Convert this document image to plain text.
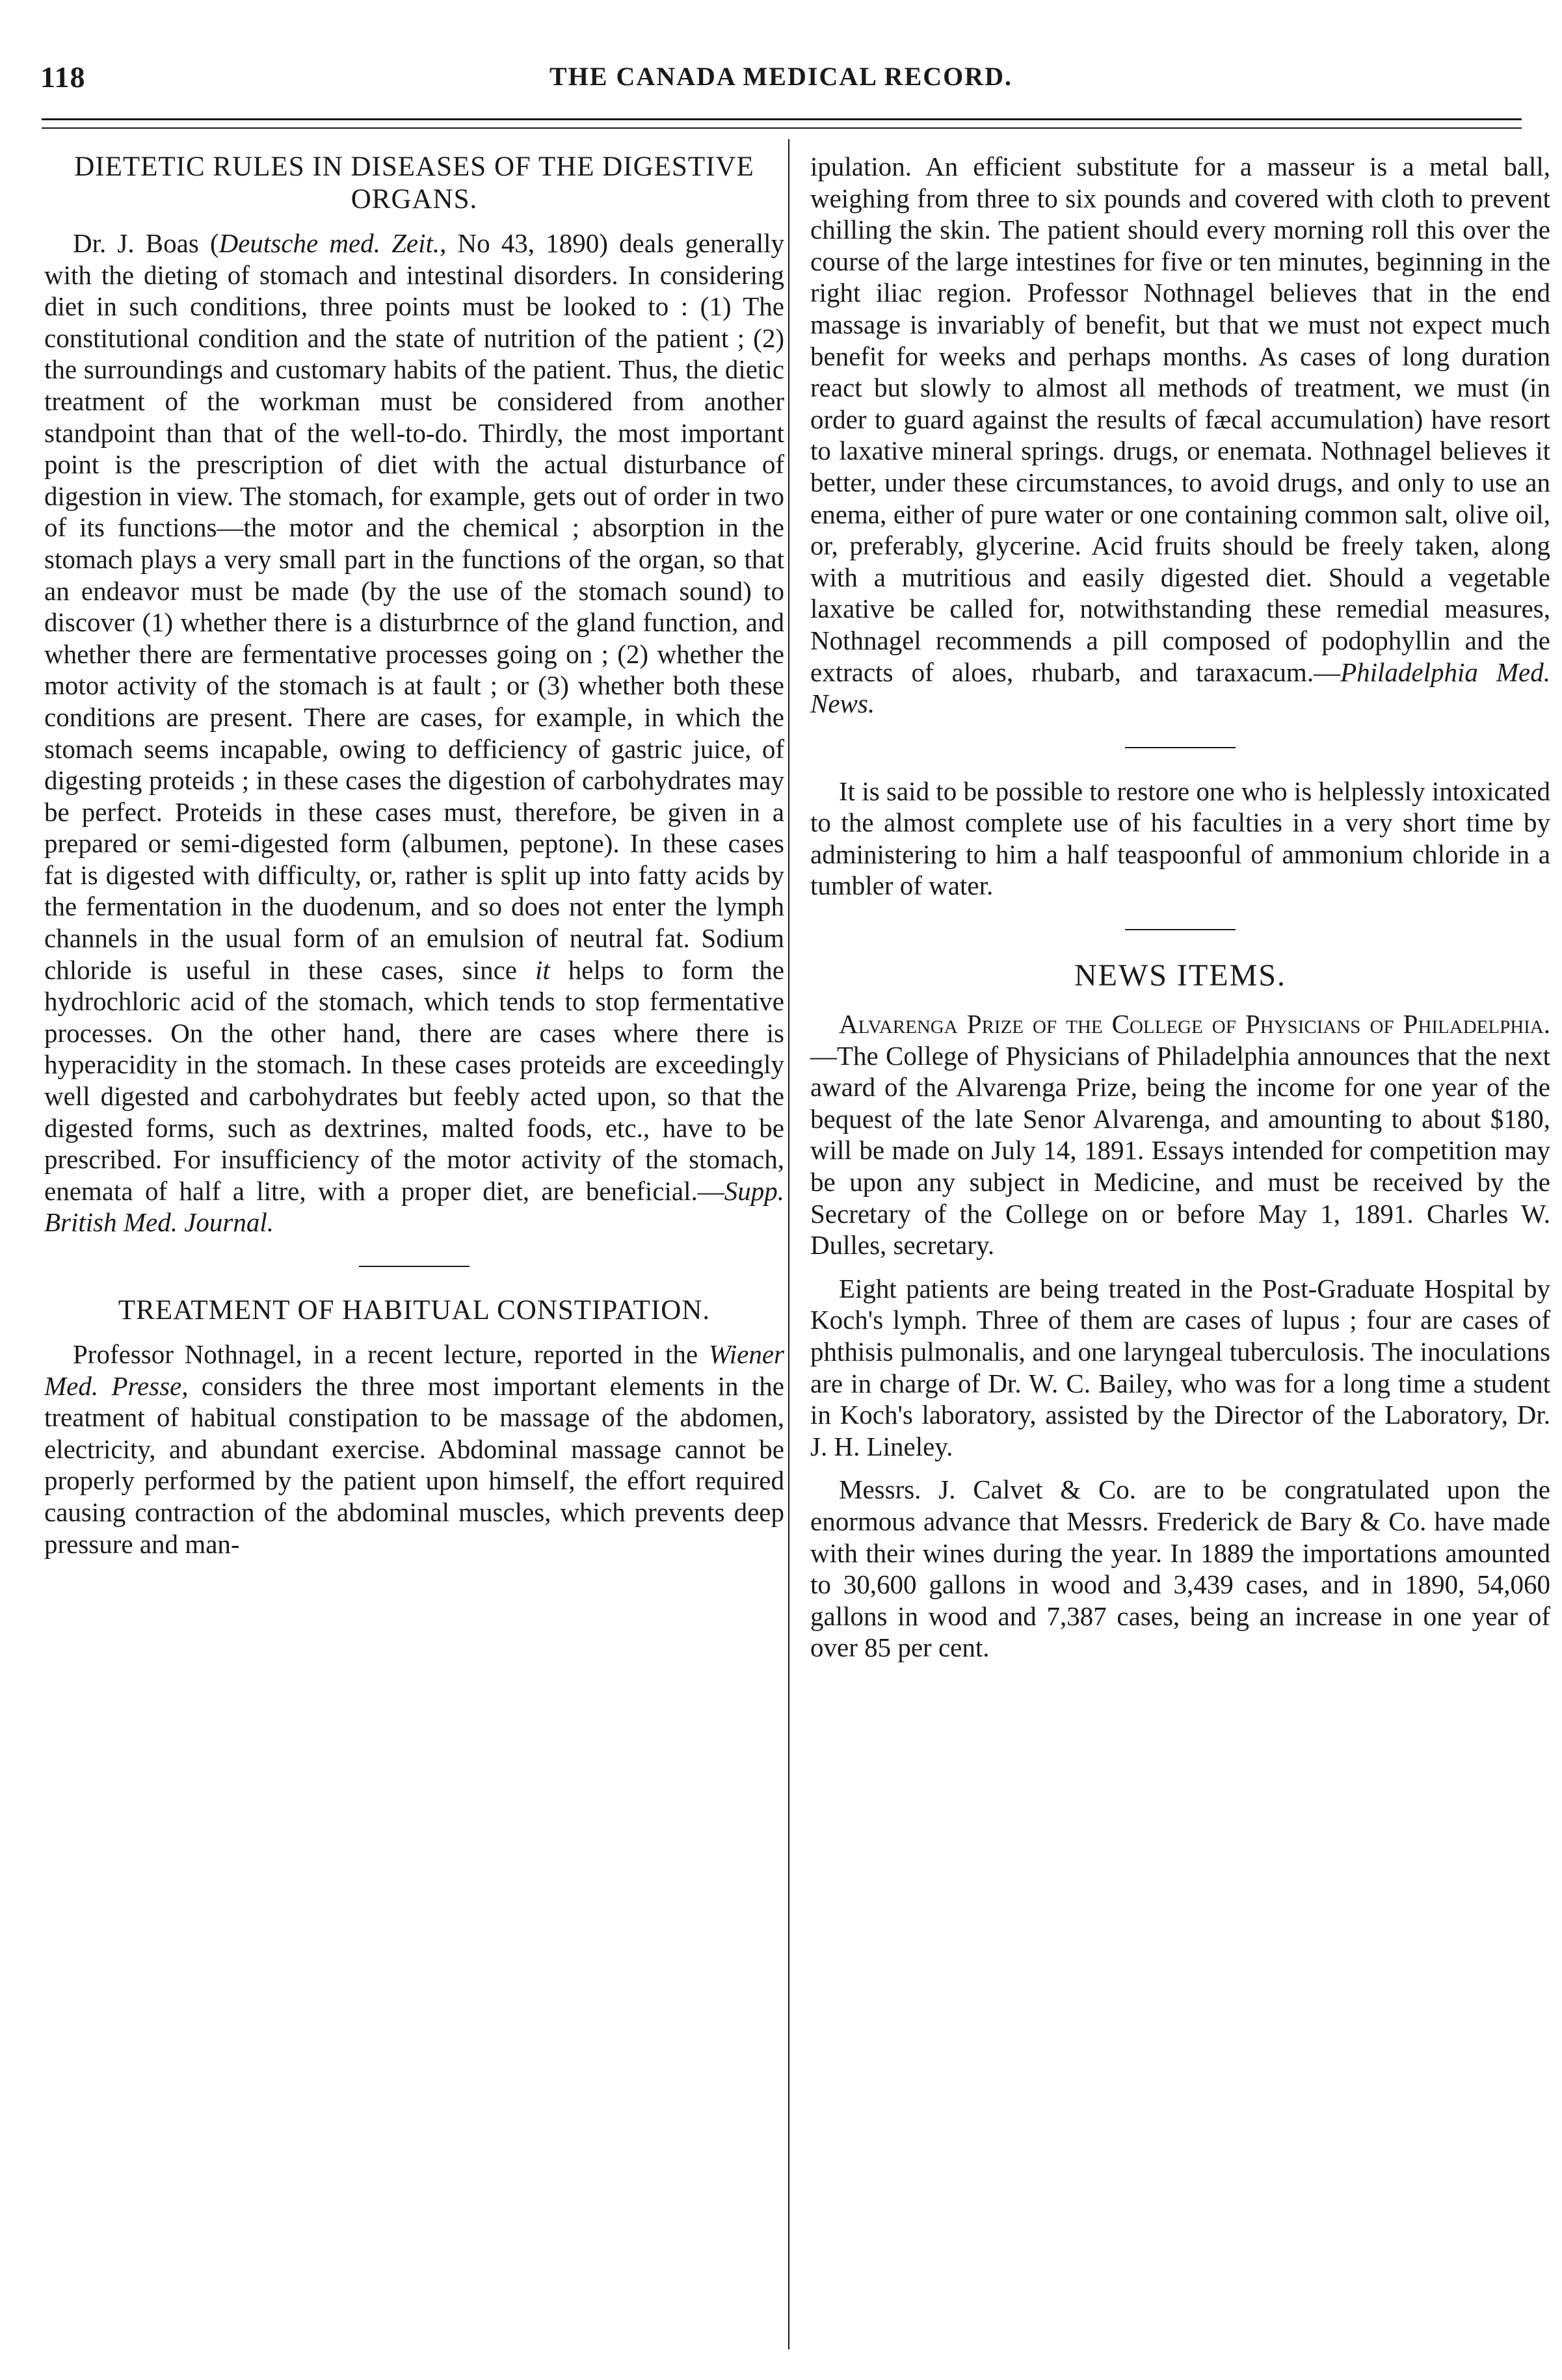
118	THE CANADA MEDICAL RECORD.
DIETETIC RULES IN DISEASES OF THE DIGESTIVE ORGANS.

Dr. J. Boas (Deutsche med. Zeit., No 43, 1890) deals generally with the dieting of stomach and intestinal disorders. In considering diet in such conditions, three points must be looked to : (1) The constitutional condition and the state of nutrition of the patient ; (2) the surroundings and customary habits of the patient. Thus, the dietic treatment of the workman must be considered from another standpoint than that of the well-to-do. Thirdly, the most important point is the prescription of diet with the actual disturbance of digestion in view. The stomach, for example, gets out of order in two of its functions—the motor and the chemical ; absorption in the stomach plays a very small part in the functions of the organ, so that an endeavor must be made (by the use of the stomach sound) to discover (1) whether there is a disturbrnce of the gland function, and whether there are fermentative processes going on ; (2) whether the motor activity of the stomach is at fault ; or (3) whether both these conditions are present. There are cases, for example, in which the stomach seems incapable, owing to defficiency of gastric juice, of digesting proteids ; in these cases the digestion of carbohydrates may be perfect. Proteids in these cases must, therefore, be given in a prepared or semi-digested form (albumen, peptone). In these cases fat is digested with difficulty, or, rather is split up into fatty acids by the fermentation in the duodenum, and so does not enter the lymph channels in the usual form of an emulsion of neutral fat. Sodium chloride is useful in these cases, since it helps to form the hydrochloric acid of the stomach, which tends to stop fermentative processes. On the other hand, there are cases where there is hyperacidity in the stomach. In these cases proteids are exceedingly well digested and carbohydrates but feebly acted upon, so that the digested forms, such as dextrines, malted foods, etc., have to be prescribed. For insufficiency of the motor activity of the stomach, enemata of half a litre, with a proper diet, are beneficial.—Supp. British Med. Journal.

TREATMENT OF HABITUAL CONSTIPATION.

Professor Nothnagel, in a recent lecture, reported in the Wiener Med. Presse, considers the three most important elements in the treatment of habitual constipation to be massage of the abdomen, electricity, and abundant exercise. Abdominal massage cannot be properly performed by the patient upon himself, the effort required causing contraction of the abdominal muscles, which prevents deep pressure and man-

ipulation. An efficient substitute for a masseur is a metal ball, weighing from three to six pounds and covered with cloth to prevent chilling the skin. The patient should every morning roll this over the course of the large intestines for five or ten minutes, beginning in the right iliac region. Professor Nothnagel believes that in the end massage is invariably of benefit, but that we must not expect much benefit for weeks and perhaps months. As cases of long duration react but slowly to almost all methods of treatment, we must (in order to guard against the results of fæcal accumulation) have resort to laxative mineral springs. drugs, or enemata. Nothnagel believes it better, under these circumstances, to avoid drugs, and only to use an enema, either of pure water or one containing common salt, olive oil, or, preferably, glycerine. Acid fruits should be freely taken, along with a mutritious and easily digested diet. Should a vegetable laxative be called for, notwithstanding these remedial measures, Nothnagel recommends a pill composed of podophyllin and the extracts of aloes, rhubarb, and taraxacum.—Philadelphia Med. News.

It is said to be possible to restore one who is helplessly intoxicated to the almost complete use of his faculties in a very short time by administering to him a half teaspoonful of ammonium chloride in a tumbler of water.

NEWS ITEMS.

Alvarenga Prize of the College of Physicians of Philadelphia.—The College of Physicians of Philadelphia announces that the next award of the Alvarenga Prize, being the income for one year of the bequest of the late Senor Alvarenga, and amounting to about $180, will be made on July 14, 1891. Essays intended for competition may be upon any subject in Medicine, and must be received by the Secretary of the College on or before May 1, 1891. Charles W. Dulles, secretary.

Eight patients are being treated in the Post-Graduate Hospital by Koch's lymph. Three of them are cases of lupus ; four are cases of phthisis pulmonalis, and one laryngeal tuberculosis. The inoculations are in charge of Dr. W. C. Bailey, who was for a long time a student in Koch's laboratory, assisted by the Director of the Laboratory, Dr. J. H. Lineley.

Messrs. J. Calvet & Co. are to be congratulated upon the enormous advance that Messrs. Frederick de Bary & Co. have made with their wines during the year. In 1889 the importations amounted to 30,600 gallons in wood and 3,439 cases, and in 1890, 54,060 gallons in wood and 7,387 cases, being an increase in one year of over 85 per cent.
